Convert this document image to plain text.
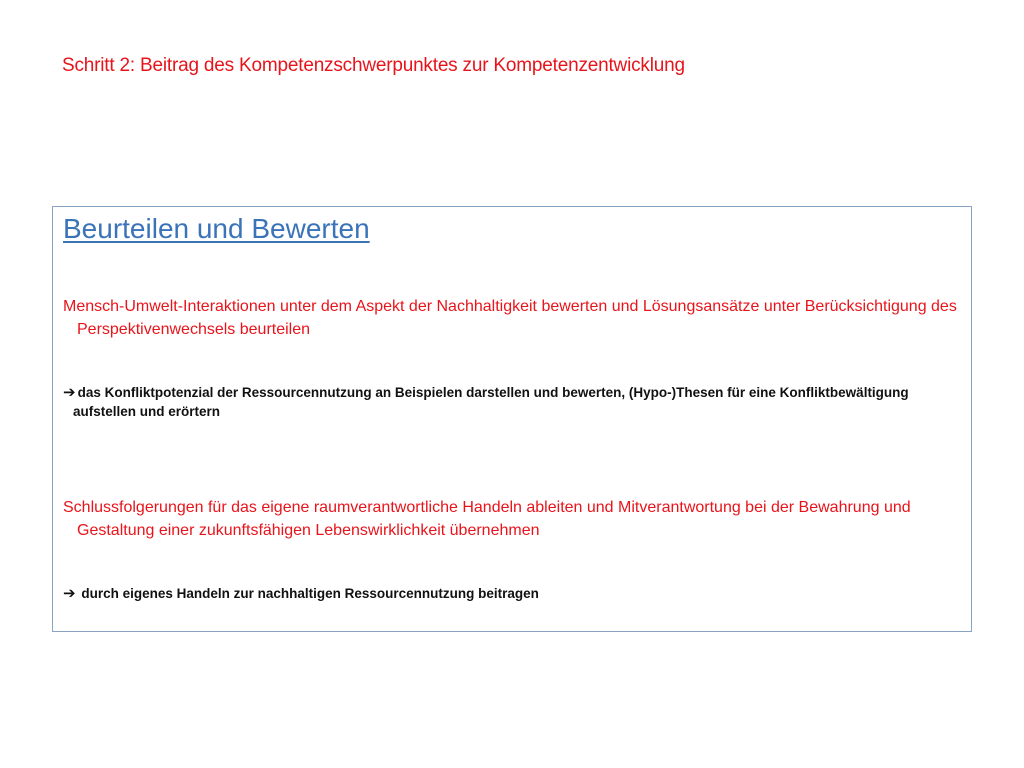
Schritt 2: Beitrag des Kompetenzschwerpunktes zur Kompetenzentwicklung
Beurteilen und Bewerten

Mensch-Umwelt-Interaktionen unter dem Aspekt der Nachhaltigkeit bewerten und Lösungsansätze unter Berücksichtigung des Perspektivenwechsels beurteilen

➔ das Konfliktpotenzial der Ressourcennutzung an Beispielen darstellen und bewerten, (Hypo-)Thesen für eine Konfliktbewältigung aufstellen und erörtern

Schlussfolgerungen für das eigene raumverantwortliche Handeln ableiten und Mitverantwortung bei der Bewahrung und Gestaltung einer zukunftsfähigen Lebenswirklichkeit übernehmen

➔ durch eigenes Handeln zur nachhaltigen Ressourcennutzung beitragen
